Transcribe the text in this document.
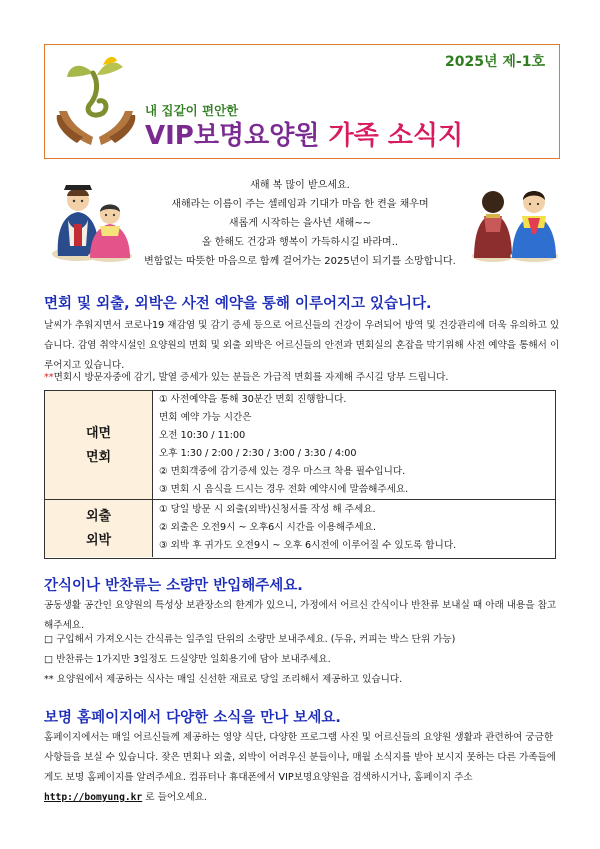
2025년 제-1호
내 집같이 편안한
VIP보명요양원 가족 소식지
새해 복 많이 받으세요.
새해라는 이름이 주는 셀레임과 기대가 마음 한 켠을 채우며
새롭게 시작하는 을사년 새해~~
올 한해도 건강과 행복이 가득하시길 바라며..
변함없는 따뜻한 마음으로 함께 걸어가는 2025년이 되기를 소망합니다.
면회 및 외출, 외박은 사전 예약을 통해 이루어지고 있습니다.
날씨가 추워지면서 코로나19 재감염 및 감기 증세 등으로 어르신들의 건강이 우려되어 방역 및 건강관리에 더욱 유의하고 있습니다. 감염 취약시설인 요양원의 면회 및 외출 외박은 어르신들의 안전과 면회실의 혼잡을 막기위해 사전 예약을 통해서 이루어지고 있습니다.
**면회시 방문자중에 감기, 발열 증세가 있는 분들은 가급적 면회를 자제해 주시길 당부 드립니다.
대면
면회
외출
외박
① 사전예약을 통해 30분간 면회 진행합니다.
면회 예약 가능 시간은
오전 10:30 / 11:00
오후 1:30 / 2:00 / 2:30 / 3:00 / 3:30 / 4:00
② 면회객중에 감기증세 있는 경우 마스크 착용 필수입니다.
③ 면회 시 음식을 드시는 경우 전화 예약시에 말씀해주세요.
① 당일 방문 시 외출(외박)신청서를 작성 해 주세요.
② 외출은 오전9시 ~ 오후6시 시간을 이용해주세요.
③ 외박 후 귀가도 오전9시 ~ 오후 6시전에 이루어질 수 있도록 합니다.
간식이나 반찬류는 소량만 반입해주세요.
공동생활 공간인 요양원의 특성상 보관장소의 한계가 있으니, 가정에서 어르신 간식이나 반찬류 보내실 때 아래 내용을 참고해주세요.
□ 구입해서 가져오시는 간식류는 일주일 단위의 소량만 보내주세요. (두유, 커피는 박스 단위 가능)
□ 반찬류는 1가지만 3일정도 드실양만 일회용기에 담아 보내주세요.
** 요양원에서 제공하는 식사는 매일 신선한 재료로 당일 조리해서 제공하고 있습니다.
보명 홈페이지에서 다양한 소식을 만나 보세요.
홈페이지에서는 매일 어르신들께 제공하는 영양 식단, 다양한 프로그램 사진 및 어르신들의 요양원 생활과 관련하여 궁금한 사항들을 보실 수 있습니다. 잦은 면회나 외출, 외박이 어려우신 분들이나, 매월 소식지를 받아 보시지 못하는 다른 가족들에게도 보명 홈페이지를 알려주세요. 컴퓨터나 휴대폰에서 VIP보명요양원을 검색하시거나, 홈페이지 주소 http://bomyung.kr 로 들어오세요.
